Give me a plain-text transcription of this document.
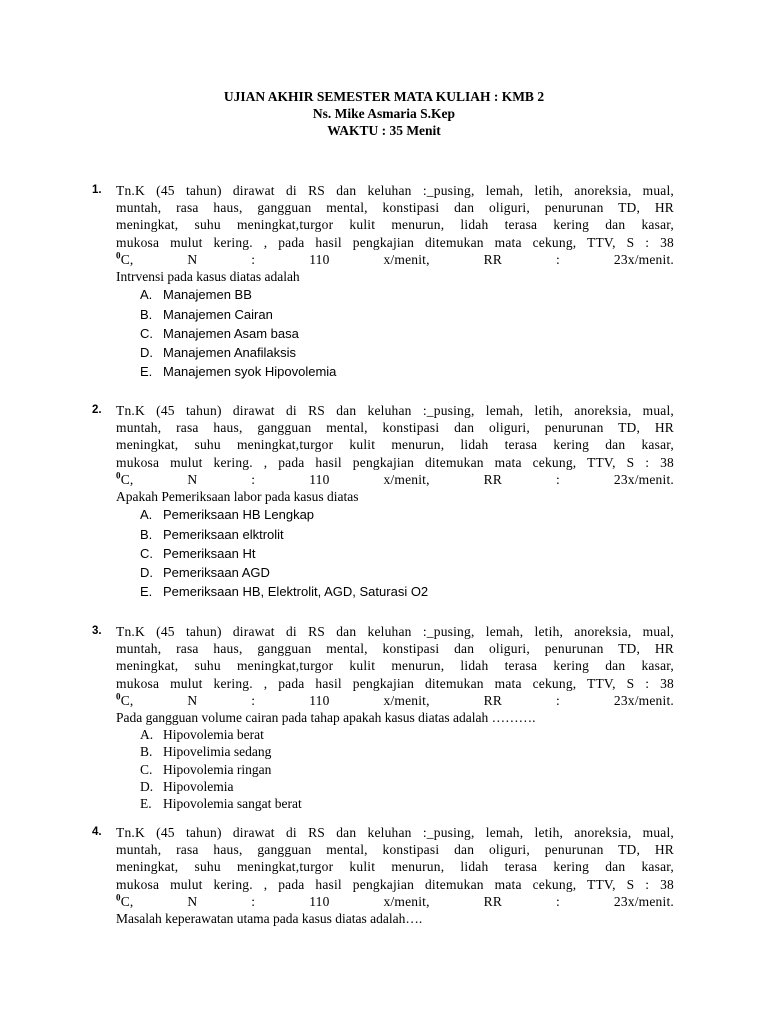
UJIAN AKHIR SEMESTER MATA KULIAH : KMB 2
Ns. Mike Asmaria S.Kep
WAKTU : 35 Menit
1. Tn.K (45 tahun) dirawat di RS dan keluhan :_pusing, lemah, letih, anoreksia, mual,
muntah, rasa haus, gangguan mental, konstipasi dan oliguri, penurunan TD, HR
meningkat, suhu meningkat,turgor kulit menurun, lidah terasa kering dan kasar,
mukosa mulut kering. , pada hasil pengkajian ditemukan mata cekung, TTV, S : 38
$^0$C, N : 110 x/menit, RR : 23x/menit.
Intrvensi pada kasus diatas adalah
A. Manajemen BB
B. Manajemen Cairan
C. Manajemen Asam basa
D. Manajemen Anafilaksis
E. Manajemen syok Hipovolemia
2. Tn.K (45 tahun) dirawat di RS dan keluhan :_pusing, lemah, letih, anoreksia, mual,
muntah, rasa haus, gangguan mental, konstipasi dan oliguri, penurunan TD, HR
meningkat, suhu meningkat,turgor kulit menurun, lidah terasa kering dan kasar,
mukosa mulut kering. , pada hasil pengkajian ditemukan mata cekung, TTV, S : 38
$^0$C, N : 110 x/menit, RR : 23x/menit.
Apakah Pemeriksaan labor pada kasus diatas
A. Pemeriksaan HB Lengkap
B. Pemeriksaan elktrolit
C. Pemeriksaan Ht
D. Pemeriksaan AGD
E. Pemeriksaan HB, Elektrolit, AGD, Saturasi O2
3. Tn.K (45 tahun) dirawat di RS dan keluhan :_pusing, lemah, letih, anoreksia, mual,
muntah, rasa haus, gangguan mental, konstipasi dan oliguri, penurunan TD, HR
meningkat, suhu meningkat,turgor kulit menurun, lidah terasa kering dan kasar,
mukosa mulut kering. , pada hasil pengkajian ditemukan mata cekung, TTV, S : 38
$^0$C, N : 110 x/menit, RR : 23x/menit.
Pada gangguan volume cairan pada tahap apakah kasus diatas adalah ……….
A. Hipovolemia berat
B. Hipovelimia sedang
C. Hipovolemia ringan
D. Hipovolemia
E. Hipovolemia sangat berat
4. Tn.K (45 tahun) dirawat di RS dan keluhan :_pusing, lemah, letih, anoreksia, mual,
muntah, rasa haus, gangguan mental, konstipasi dan oliguri, penurunan TD, HR
meningkat, suhu meningkat,turgor kulit menurun, lidah terasa kering dan kasar,
mukosa mulut kering. , pada hasil pengkajian ditemukan mata cekung, TTV, S : 38
$^0$C, N : 110 x/menit, RR : 23x/menit.
Masalah keperawatan utama pada kasus diatas adalah….
